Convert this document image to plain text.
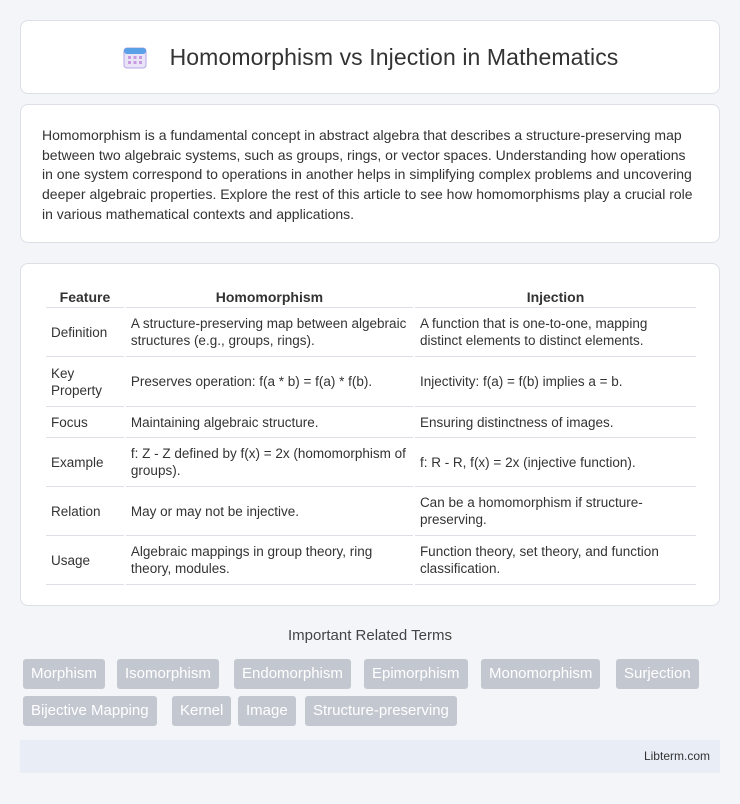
Homomorphism vs Injection in Mathematics

Homomorphism is a fundamental concept in abstract algebra that describes a structure-preserving map between two algebraic systems, such as groups, rings, or vector spaces. Understanding how operations in one system correspond to operations in another helps in simplifying complex problems and uncovering deeper algebraic properties. Explore the rest of this article to see how homomorphisms play a crucial role in various mathematical contexts and applications.

Feature	Homomorphism	Injection
Definition	A structure-preserving map between algebraic structures (e.g., groups, rings).	A function that is one-to-one, mapping distinct elements to distinct elements.
Key Property	Preserves operation: f(a * b) = f(a) * f(b).	Injectivity: f(a) = f(b) implies a = b.
Focus	Maintaining algebraic structure.	Ensuring distinctness of images.
Example	f: Z - Z defined by f(x) = 2x (homomorphism of groups).	f: R - R, f(x) = 2x (injective function).
Relation	May or may not be injective.	Can be a homomorphism if structure-preserving.
Usage	Algebraic mappings in group theory, ring theory, modules.	Function theory, set theory, and function classification.
Important Related Terms
Morphism	Isomorphism	Endomorphism	Epimorphism	Monomorphism	Surjection
Bijective Mapping	Kernel	Image	Structure-preserving
Libterm.com
